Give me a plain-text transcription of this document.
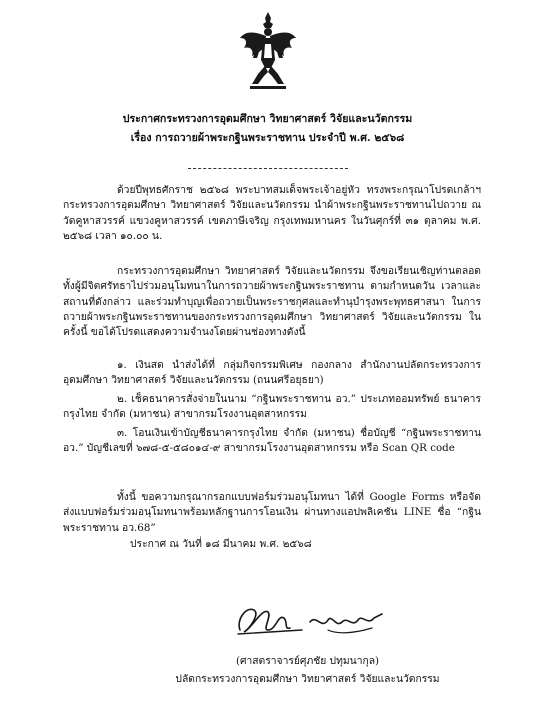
ประกาศกระทรวงการอุดมศึกษา วิทยาศาสตร์ วิจัยและนวัตกรรม
เรื่อง การถวายผ้าพระกฐินพระราชทาน ประจำปี พ.ศ. ๒๕๖๘

ด้วยปีพุทธศักราช ๒๕๖๘ พระบาทสมเด็จพระเจ้าอยู่หัว ทรงพระกรุณาโปรดเกล้าฯ กระทรวงการอุดมศึกษา วิทยาศาสตร์ วิจัยและนวัตกรรม นำผ้าพระกฐินพระราชทานไปถวาย ณ วัดคูหาสวรรค์ แขวงคูหาสวรรค์ เขตภาษีเจริญ กรุงเทพมหานคร ในวันศุกร์ที่ ๓๑ ตุลาคม พ.ศ. ๒๕๖๘ เวลา ๑๐.๐๐ น.

กระทรวงการอุดมศึกษา วิทยาศาสตร์ วิจัยและนวัตกรรม จึงขอเรียนเชิญท่านตลอดทั้งผู้มีจิตศรัทธาไปร่วมอนุโมทนาในการถวายผ้าพระกฐินพระราชทาน ตามกำหนดวัน เวลาและสถานที่ดังกล่าว และร่วมทำบุญเพื่อถวายเป็นพระราชกุศลและทำนุบำรุงพระพุทธศาสนา ในการถวายผ้าพระกฐินพระราชทานของกระทรวงการอุดมศึกษา วิทยาศาสตร์ วิจัยและนวัตกรรม ในครั้งนี้ ขอได้โปรดแสดงความจำนงโดยผ่านช่องทางดังนี้

๑. เงินสด นำส่งได้ที่ กลุ่มกิจกรรมพิเศษ กองกลาง สำนักงานปลัดกระทรวงการอุดมศึกษา วิทยาศาสตร์ วิจัยและนวัตกรรม (ถนนศรีอยุธยา)

๒. เช็คธนาคารสั่งจ่ายในนาม “กฐินพระราชทาน อว.” ประเภทออมทรัพย์ ธนาคารกรุงไทย จำกัด (มหาชน) สาขากรมโรงงานอุตสาหกรรม

๓. โอนเงินเข้าบัญชีธนาคารกรุงไทย จำกัด (มหาชน) ชื่อบัญชี “กฐินพระราชทาน อว.” บัญชีเลขที่ ๖๗๘-๕-๕๘๐๑๔-๙ สาขากรมโรงงานอุตสาหกรรม หรือ Scan QR code

ทั้งนี้ ขอความกรุณากรอกแบบฟอร์มร่วมอนุโมทนา ได้ที่ Google Forms หรือจัดส่งแบบฟอร์มร่วมอนุโมทนาพร้อมหลักฐานการโอนเงิน ผ่านทางแอปพลิเคชัน LINE ชื่อ “กฐินพระราชทาน อว.68”

ประกาศ ณ วันที่ ๑๘ มีนาคม พ.ศ. ๒๕๖๘
(ศาสตราจารย์ศุภชัย ปทุมนากุล)
ปลัดกระทรวงการอุดมศึกษา วิทยาศาสตร์ วิจัยและนวัตกรรม
